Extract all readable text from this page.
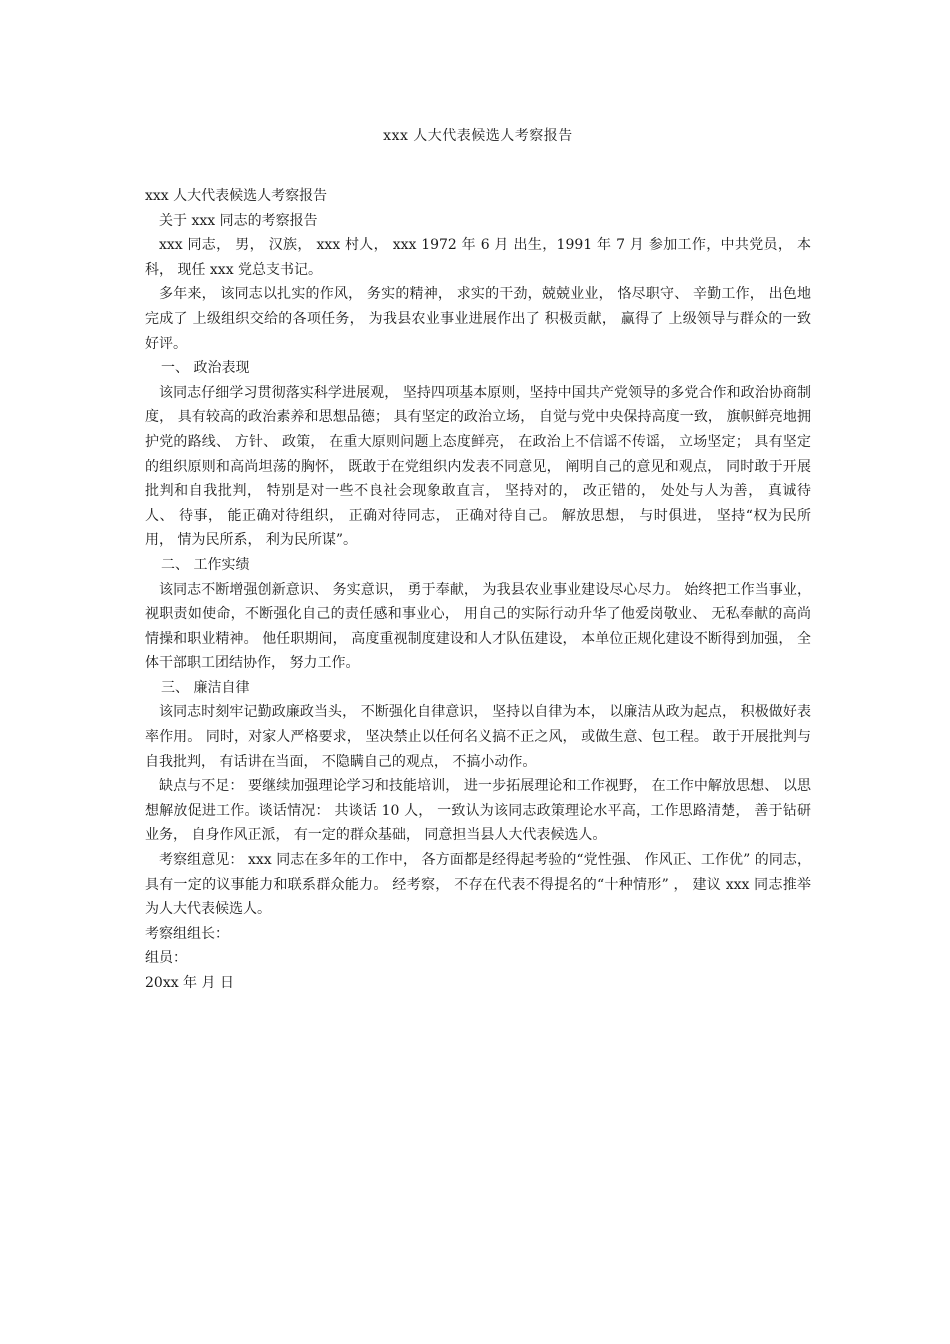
xxx 人大代表候选人考察报告

xxx 人大代表候选人考察报告

关于 xxx 同志的考察报告

xxx 同志， 男， 汉族， xxx 村人， xxx 1972 年 6 月 出生，1991 年 7 月 参加工作，中共党员， 本科， 现任 xxx 党总支书记。

多年来， 该同志以扎实的作风， 务实的精神， 求实的干劲，兢兢业业， 恪尽职守、 辛勤工作， 出色地完成了 上级组织交给的各项任务， 为我县农业事业进展作出了 积极贡献， 赢得了 上级领导与群众的一致好评。

一、 政治表现

该同志仔细学习贯彻落实科学进展观， 坚持四项基本原则，坚持中国共产党领导的多党合作和政治协商制度， 具有较高的政治素养和思想品德； 具有坚定的政治立场， 自觉与党中央保持高度一致， 旗帜鲜亮地拥护党的路线、 方针、 政策， 在重大原则问题上态度鲜亮， 在政治上不信谣不传谣， 立场坚定； 具有坚定的组织原则和高尚坦荡的胸怀， 既敢于在党组织内发表不同意见， 阐明自己的意见和观点， 同时敢于开展批判和自我批判， 特别是对一些不良社会现象敢直言， 坚持对的， 改正错的， 处处与人为善， 真诚待人、 待事， 能正确对待组织， 正确对待同志， 正确对待自己。 解放思想， 与时俱进， 坚持“权为民所用， 情为民所系， 利为民所谋”。

二、 工作实绩

该同志不断增强创新意识、 务实意识， 勇于奉献， 为我县农业事业建设尽心尽力。 始终把工作当事业， 视职责如使命，不断强化自己的责任感和事业心， 用自己的实际行动升华了他爱岗敬业、 无私奉献的高尚情操和职业精神。 他任职期间， 高度重视制度建设和人才队伍建设， 本单位正规化建设不断得到加强， 全体干部职工团结协作， 努力工作。

三、 廉洁自律

该同志时刻牢记勤政廉政当头， 不断强化自律意识， 坚持以自律为本， 以廉洁从政为起点， 积极做好表率作用。 同时，对家人严格要求， 坚决禁止以任何名义搞不正之风， 或做生意、包工程。 敢于开展批判与自我批判， 有话讲在当面， 不隐瞒自己的观点， 不搞小动作。

缺点与不足： 要继续加强理论学习和技能培训， 进一步拓展理论和工作视野， 在工作中解放思想、 以思想解放促进工作。谈话情况： 共谈话 10 人， 一致认为该同志政策理论水平高，工作思路清楚， 善于钻研业务， 自身作风正派， 有一定的群众基础， 同意担当县人大代表候选人。

考察组意见： xxx 同志在多年的工作中， 各方面都是经得起考验的“党性强、 作风正、工作优” 的同志， 具有一定的议事能力和联系群众能力。 经考察， 不存在代表不得提名的“十种情形” ， 建议 xxx 同志推举为人大代表候选人。

考察组组长：

组员：

20xx 年 月 日
